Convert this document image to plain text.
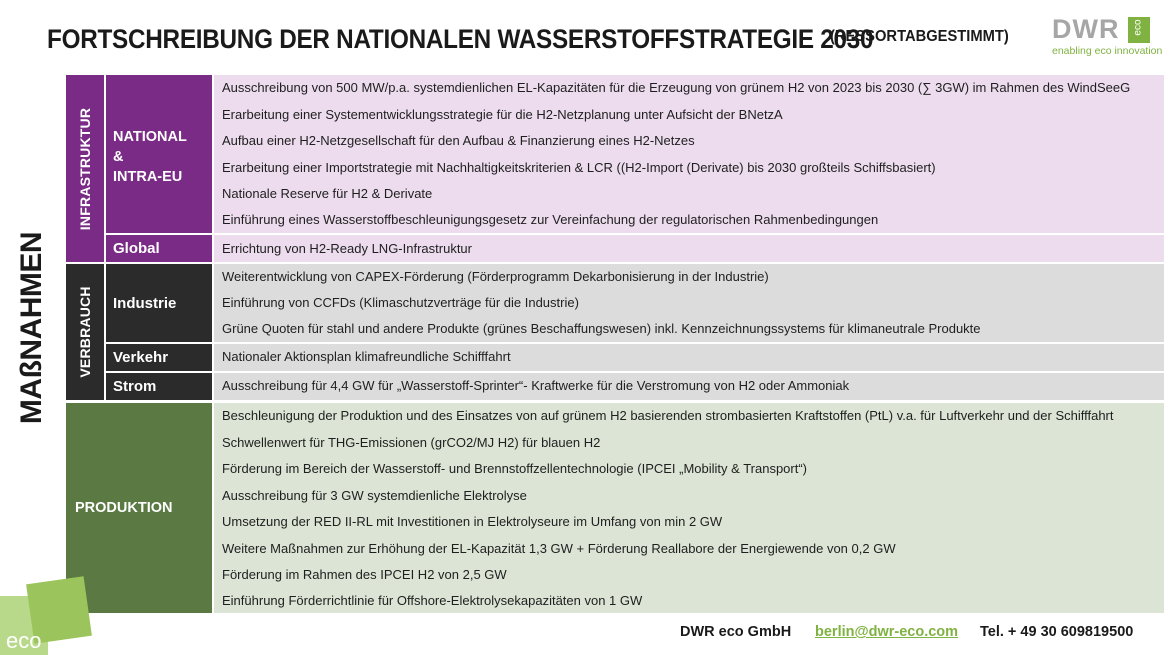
FORTSCHREIBUNG DER NATIONALEN WASSERSTOFFSTRATEGIE 2030
(RESSORTABGESTIMMT) DWR eco
enabling eco innovation
MAßNAHMEN
INFRASTRUKTUR NATIONAL
&
INTRA-EU
Global
Ausschreibung von 500 MW/p.a. systemdienlichen EL-Kapazitäten für die Erzeugung von grünem H2 von 2023 bis 2030 (∑ 3GW) im Rahmen des WindSeeG
Erarbeitung einer Systementwicklungsstrategie für die H2-Netzplanung unter Aufsicht der BNetzA
Aufbau einer H2-Netzgesellschaft für den Aufbau & Finanzierung eines H2-Netzes
Erarbeitung einer Importstrategie mit Nachhaltigkeitskriterien & LCR ((H2-Import (Derivate) bis 2030 großteils Schiffsbasiert)
Nationale Reserve für H2 & Derivate
Einführung eines Wasserstoffbeschleunigungsgesetz zur Vereinfachung der regulatorischen Rahmenbedingungen
Errichtung von H2-Ready LNG-Infrastruktur
VERBRAUCH Industrie
Verkehr
Strom
Weiterentwicklung von CAPEX-Förderung (Förderprogramm Dekarbonisierung in der Industrie)
Einführung von CCFDs (Klimaschutzverträge für die Industrie)
Grüne Quoten für stahl und andere Produkte (grünes Beschaffungswesen) inkl. Kennzeichnungssystems für klimaneutrale Produkte
Nationaler Aktionsplan klimafreundliche Schifffahrt
Ausschreibung für 4,4 GW für „Wasserstoff-Sprinter“- Kraftwerke für die Verstromung von H2 oder Ammoniak
PRODUKTION
Beschleunigung der Produktion und des Einsatzes von auf grünem H2 basierenden strombasierten Kraftstoffen (PtL) v.a. für Luftverkehr und der Schifffahrt
Schwellenwert für THG-Emissionen (grCO2/MJ H2) für blauen H2
Förderung im Bereich der Wasserstoff- und Brennstoffzellentechnologie (IPCEI „Mobility & Transport“)
Ausschreibung für 3 GW systemdienliche Elektrolyse
Umsetzung der RED II-RL mit Investitionen in Elektrolyseure im Umfang von min 2 GW
Weitere Maßnahmen zur Erhöhung der EL-Kapazität 1,3 GW + Förderung Reallabore der Energiewende von 0,2 GW
Förderung im Rahmen des IPCEI H2 von 2,5 GW
Einführung Förderrichtlinie für Offshore-Elektrolysekapazitäten von 1 GW
eco	DWR eco GmbH berlin@dwr-eco.com Tel. + 49 30 609819500
